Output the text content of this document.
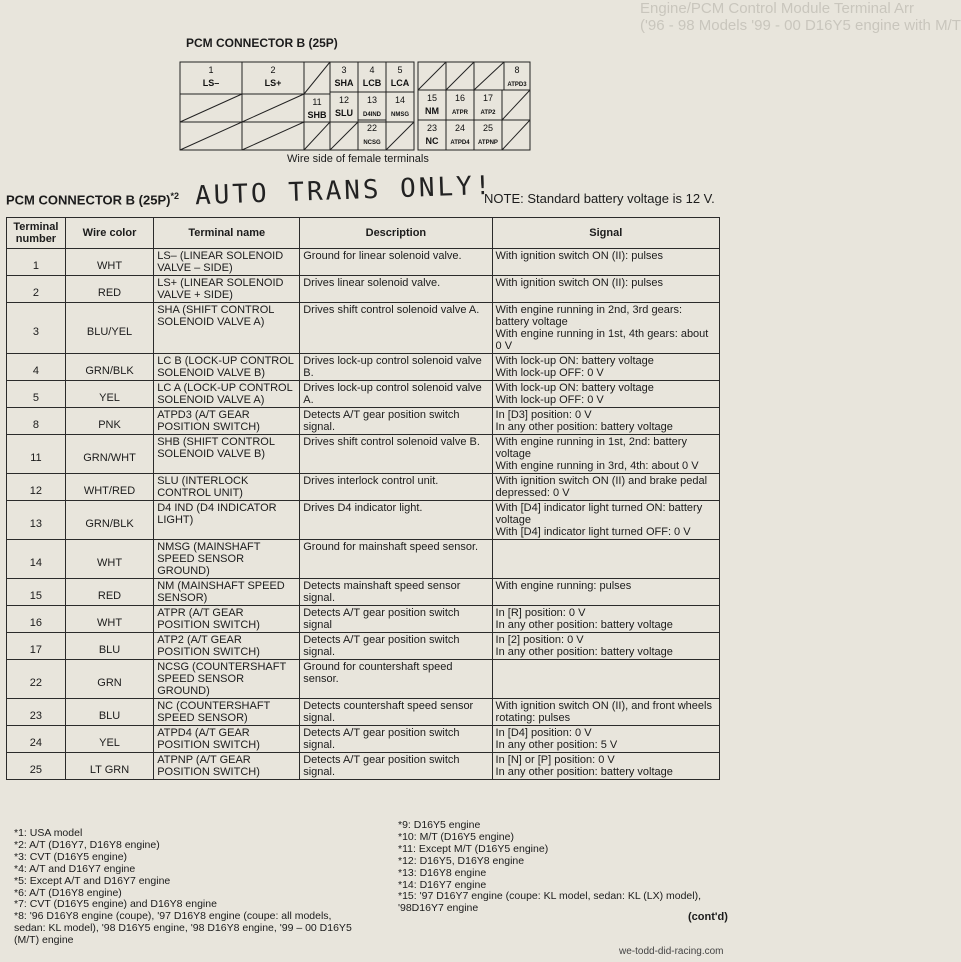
Engine/PCM Control Module Terminal Arr
('96 - 98 Models '99 - 00 D16Y5 engine with M/T
PCM CONNECTOR B (25P)
1
LS–
2
LS+
3
SHA
4
LCB
5
LCA
8
ATPD3
11
SHB
12
SLU
13
D4IND
14
NMSG
15
NM
16
ATPR
17
ATP2
22
NCSG
23
NC
24
ATPD4
25
ATPNP
Wire side of female terminals
PCM CONNECTOR B $(25P)^{*2}$ AUTO TRANS ONLY!
NOTE: Standard battery voltage is 12 V.
Terminal number	Wire color	Terminal name	Description	Signal
1	WHT	LS– (LINEAR SOLENOID VALVE – SIDE)	Ground for linear solenoid valve.	With ignition switch ON (II): pulses
2	RED	LS+ (LINEAR SOLENOID VALVE + SIDE)	Drives linear solenoid valve.	With ignition switch ON (II): pulses
3	BLU/YEL	SHA (SHIFT CONTROL SOLENOID VALVE A)	Drives shift control solenoid valve A.	With engine running in 2nd, 3rd gears: battery voltage
With engine running in 1st, 4th gears: about 0 V
4	GRN/BLK	LC B (LOCK-UP CONTROL SOLENOID VALVE B)	Drives lock-up control solenoid valve B.	With lock-up ON: battery voltage
With lock-up OFF: 0 V
5	YEL	LC A (LOCK-UP CONTROL SOLENOID VALVE A)	Drives lock-up control solenoid valve A.	With lock-up ON: battery voltage
With lock-up OFF: 0 V
8	PNK	ATPD3 (A/T GEAR POSITION SWITCH)	Detects A/T gear position switch signal.	In [D3] position: 0 V
In any other position: battery voltage
11	GRN/WHT	SHB (SHIFT CONTROL SOLENOID VALVE B)	Drives shift control solenoid valve B.	With engine running in 1st, 2nd: battery voltage
With engine running in 3rd, 4th: about 0 V
12	WHT/RED	SLU (INTERLOCK CONTROL UNIT)	Drives interlock control unit.	With ignition switch ON (II) and brake pedal depressed: 0 V
13	GRN/BLK	D4 IND (D4 INDICATOR LIGHT)	Drives D4 indicator light.	With [D4] indicator light turned ON: battery voltage
With [D4] indicator light turned OFF: 0 V
14	WHT	NMSG (MAINSHAFT SPEED SENSOR GROUND)	Ground for mainshaft speed sensor.	
15	RED	NM (MAINSHAFT SPEED SENSOR)	Detects mainshaft speed sensor signal.	With engine running: pulses
16	WHT	ATPR (A/T GEAR POSITION SWITCH)	Detects A/T gear position switch signal	In [R] position: 0 V
In any other position: battery voltage
17	BLU	ATP2 (A/T GEAR POSITION SWITCH)	Detects A/T gear position switch signal.	In [2] position: 0 V
In any other position: battery voltage
22	GRN	NCSG (COUNTERSHAFT SPEED SENSOR GROUND)	Ground for countershaft speed sensor.	
23	BLU	NC (COUNTERSHAFT SPEED SENSOR)	Detects countershaft speed sensor signal.	With ignition switch ON (II), and front wheels rotating: pulses
24	YEL	ATPD4 (A/T GEAR POSITION SWITCH)	Detects A/T gear position switch signal.	In [D4] position: 0 V
In any other position: 5 V
25	LT GRN	ATPNP (A/T GEAR POSITION SWITCH)	Detects A/T gear position switch signal.	In [N] or [P] position: 0 V
In any other position: battery voltage
*1: USA model
*2: A/T (D16Y7, D16Y8 engine)
*3: CVT (D16Y5 engine)
*4: A/T and D16Y7 engine
*5: Except A/T and D16Y7 engine
*6: A/T (D16Y8 engine)
*7: CVT (D16Y5 engine) and D16Y8 engine
*8: '96 D16Y8 engine (coupe), '97 D16Y8 engine (coupe: all models, sedan: KL model), '98 D16Y5 engine, '98 D16Y8 engine, '99 – 00 D16Y5 (M/T) engine
*9: D16Y5 engine
*10: M/T (D16Y5 engine)
*11: Except M/T (D16Y5 engine)
*12: D16Y5, D16Y8 engine
*13: D16Y8 engine
*14: D16Y7 engine
*15: '97 D16Y7 engine (coupe: KL model, sedan: KL (LX) model), '98D16Y7 engine
(cont'd)
we-todd-did-racing.com
